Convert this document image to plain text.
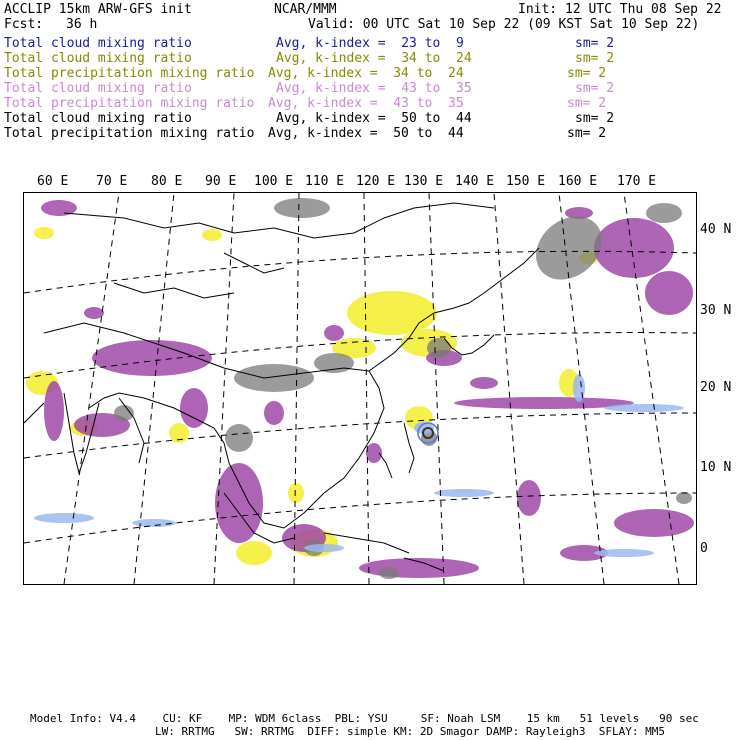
ACCLIP 15km ARW-GFS init	NCAR/MMM	Init: 12 UTC Thu 08 Sep 22
Fcst: 36 h	Valid: 00 UTC Sat 10 Sep 22 (09 KST Sat 10 Sep 22)
Total cloud mixing ratio	Avg, k-index =  23 to  9	sm= 2
Total cloud mixing ratio	Avg, k-index =  34 to  24	sm= 2
Total precipitation mixing ratio Avg, k-index =  34 to  24	sm= 2
Total cloud mixing ratio	Avg, k-index =  43 to  35	sm= 2
Total precipitation mixing ratio Avg, k-index =  43 to  35	sm= 2
Total cloud mixing ratio	Avg, k-index =  50 to  44	sm= 2
Total precipitation mixing ratio Avg, k-index =  50 to  44	sm= 2
60 E 70 E 80 E 90 E 100 E 110 E 120 E 130 E 140 E 150 E 160 E 170 E
40 N
30 N
20 N
10 N
0
Model Info: V4.4    CU: KF    MP: WDM 6class  PBL: YSU     SF: Noah LSM    15 km   51 levels   90 sec
LW: RRTMG   SW: RRTMG  DIFF: simple KM: 2D Smagor DAMP: Rayleigh3  SFLAY: MM5
